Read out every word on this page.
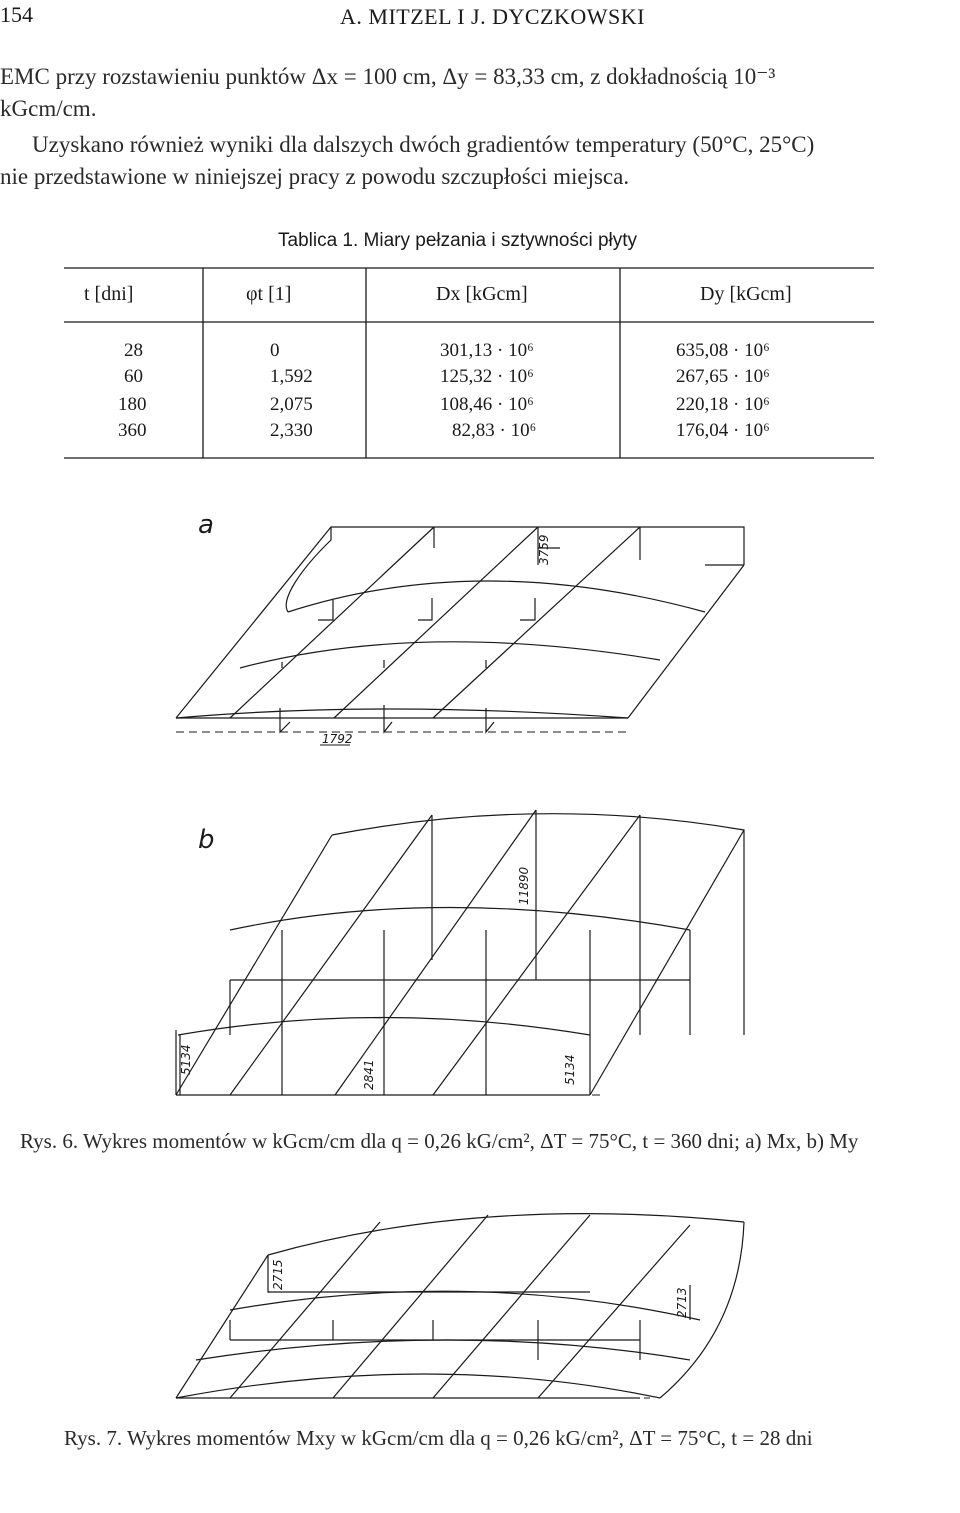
154	A. MITZEL I J. DYCZKOWSKI
EMC przy rozstawieniu punktów Δx = 100 cm, Δy = 83,33 cm, z dokładnością 10⁻³
kGcm/cm.
Uzyskano również wyniki dla dalszych dwóch gradientów temperatury (50°C, 25°C)
nie przedstawione w niniejszej pracy z powodu szczupłości miejsca.
Tablica 1. Miary pełzania i sztywności płyty
t [dni]	φt [1]	Dx [kGcm]	Dy [kGcm]
28	0	301,13 · 10⁶	635,08 · 10⁶
60	1,592	125,32 · 10⁶	267,65 · 10⁶
180	2,075	108,46 · 10⁶	220,18 · 10⁶
360	2,330	82,83 · 10⁶	176,04 · 10⁶
3759
1792
11890
5134	2841	5134
2715
2713
a
b
Rys. 6. Wykres momentów w kGcm/cm dla q = 0,26 kG/cm², ΔT = 75°C, t = 360 dni; a) Mx, b) My
Rys. 7. Wykres momentów Mxy w kGcm/cm dla q = 0,26 kG/cm², ΔT = 75°C, t = 28 dni
